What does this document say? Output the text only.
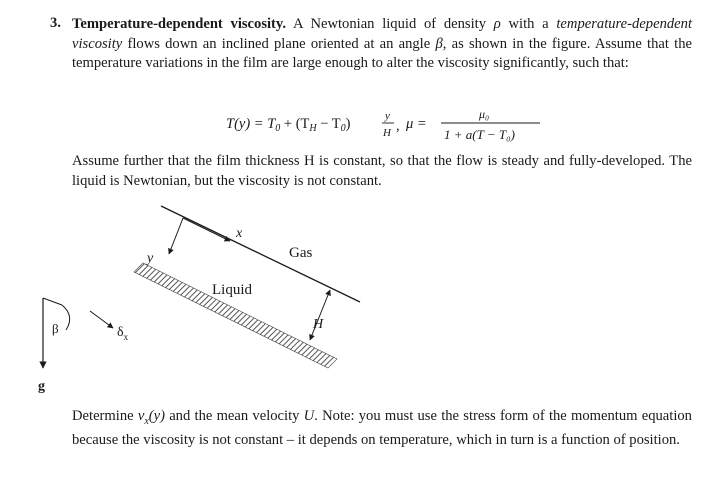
3. Temperature-dependent viscosity. A Newtonian liquid of density ρ with a temperature-dependent viscosity flows down an inclined plane oriented at an angle β, as shown in the figure. Assume that the temperature variations in the film are large enough to alter the viscosity significantly, such that:
$T(y) = T_0 + (T_H - T_0)$	y
H , μ =
μ₀
1 + a(T − T₀)
Assume further that the film thickness H is constant, so that the flow is steady and fully-developed. The liquid is Newtonian, but the viscosity is not constant.
x
y	Gas
Liquid
H
β	$\delta_x$
g
Determine $v_x(y)$ and the mean velocity U. Note: you must use the stress form of the momentum equation because the viscosity is not constant – it depends on temperature, which in turn is a function of position.
